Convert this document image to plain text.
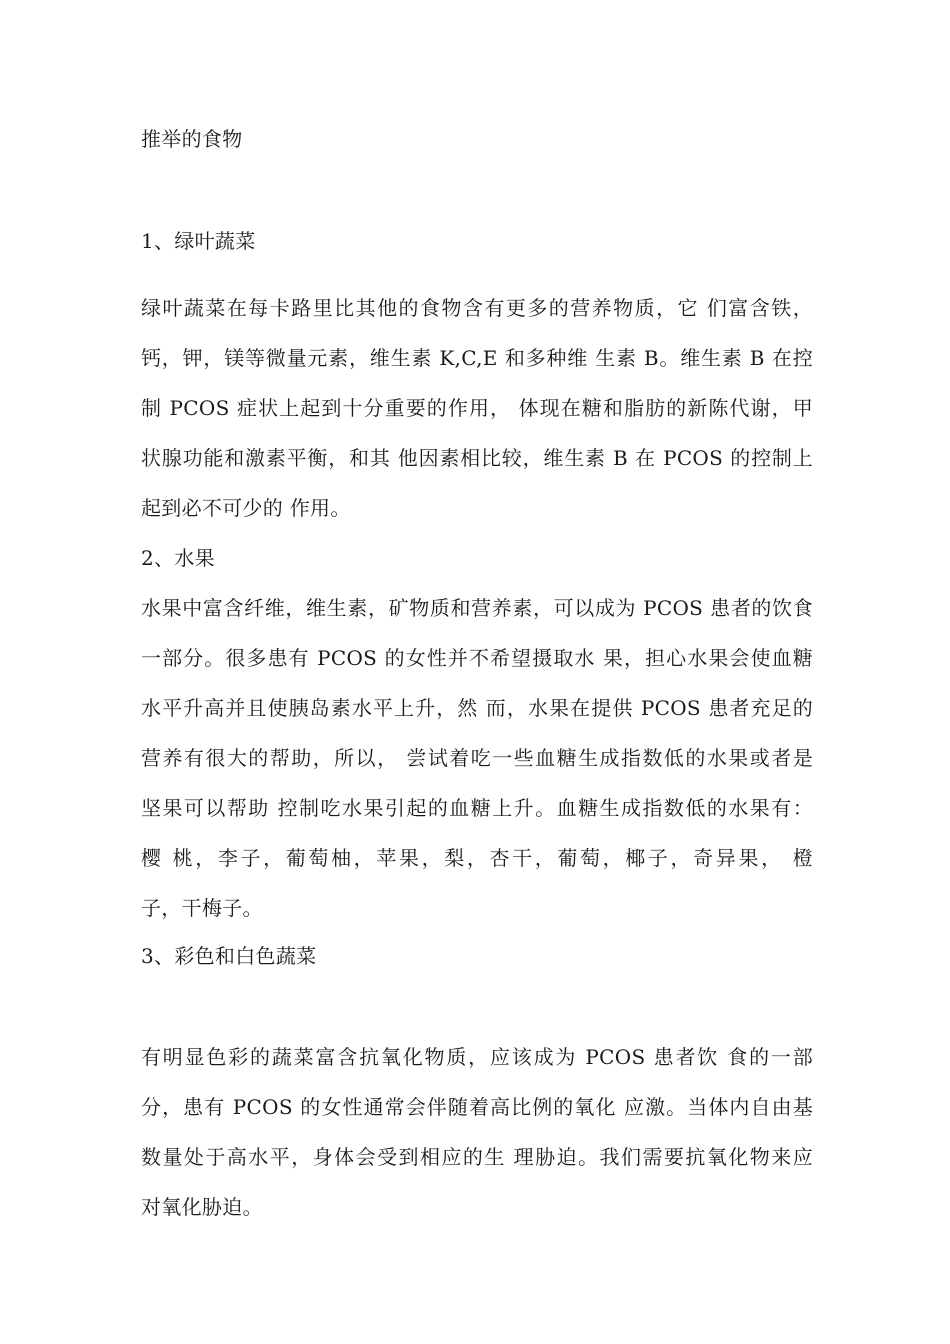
推举的食物
1、绿叶蔬菜
绿叶蔬菜在每卡路里比其他的食物含有更多的营养物质，它 们富含铁，
钙，钾，镁等微量元素，维生素 K,C,E 和多种维 生素 B。维生素 B 在控
制 PCOS 症状上起到十分重要的作用， 体现在糖和脂肪的新陈代谢，甲
状腺功能和激素平衡，和其 他因素相比较，维生素 B 在 PCOS 的控制上
起到必不可少的 作用。
2、水果
水果中富含纤维，维生素，矿物质和营养素，可以成为 PCOS 患者的饮食
一部分。很多患有 PCOS 的女性并不希望摄取水 果，担心水果会使血糖
水平升高并且使胰岛素水平上升，然 而，水果在提供 PCOS 患者充足的
营养有很大的帮助，所以， 尝试着吃一些血糖生成指数低的水果或者是
坚果可以帮助 控制吃水果引起的血糖上升。血糖生成指数低的水果有：
樱 桃，李子，葡萄柚，苹果，梨，杏干，葡萄，椰子，奇异果， 橙
子，干梅子。
3、彩色和白色蔬菜
有明显色彩的蔬菜富含抗氧化物质，应该成为 PCOS 患者饮 食的一部
分，患有 PCOS 的女性通常会伴随着高比例的氧化 应激。当体内自由基
数量处于高水平，身体会受到相应的生 理胁迫。我们需要抗氧化物来应
对氧化胁迫。
